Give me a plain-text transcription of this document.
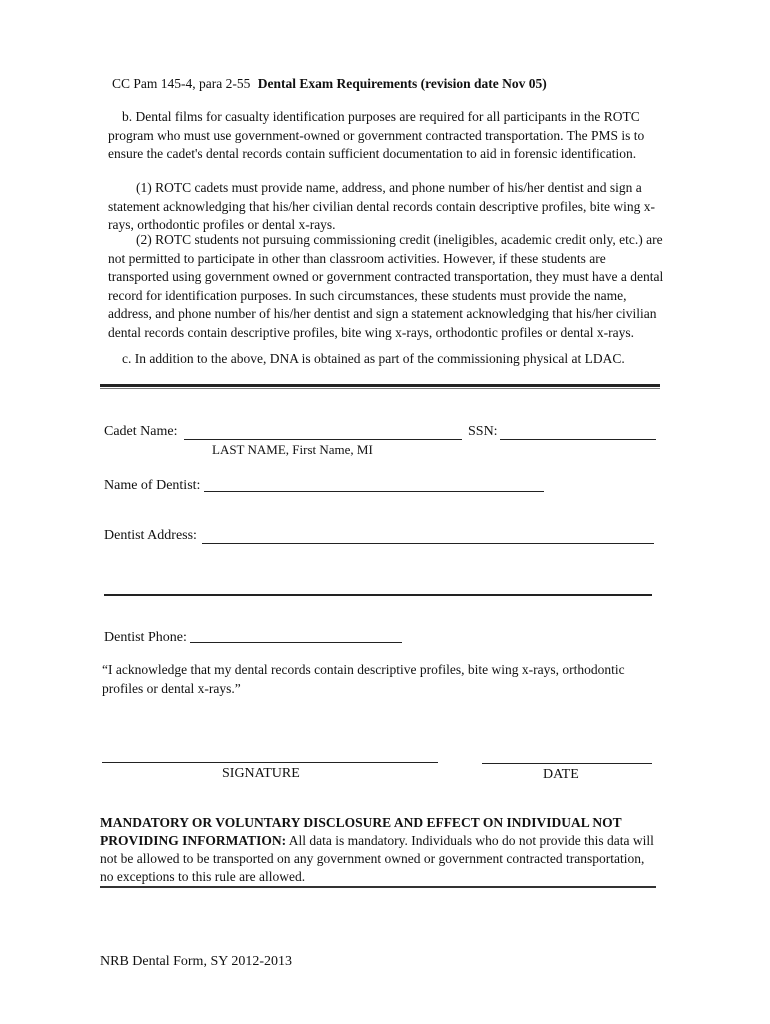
CC Pam 145-4, para 2-55 Dental Exam Requirements (revision date Nov 05)
b. Dental films for casualty identification purposes are required for all participants in the ROTC program who must use government-owned or government contracted transportation. The PMS is to ensure the cadet's dental records contain sufficient documentation to aid in forensic identification.
(1) ROTC cadets must provide name, address, and phone number of his/her dentist and sign a statement acknowledging that his/her civilian dental records contain descriptive profiles, bite wing x-rays, orthodontic profiles or dental x-rays.
(2) ROTC students not pursuing commissioning credit (ineligibles, academic credit only, etc.) are not permitted to participate in other than classroom activities. However, if these students are transported using government owned or government contracted transportation, they must have a dental record for identification purposes. In such circumstances, these students must provide the name, address, and phone number of his/her dentist and sign a statement acknowledging that his/her civilian dental records contain descriptive profiles, bite wing x-rays, orthodontic profiles or dental x-rays.
c. In addition to the above, DNA is obtained as part of the commissioning physical at LDAC.
Cadet Name:
LAST NAME, First Name, MI
SSN:
Name of Dentist:
Dentist Address:
Dentist Phone:
“I acknowledge that my dental records contain descriptive profiles, bite wing x-rays, orthodontic profiles or dental x-rays.”
SIGNATURE	DATE
MANDATORY OR VOLUNTARY DISCLOSURE AND EFFECT ON INDIVIDUAL NOT PROVIDING INFORMATION: All data is mandatory. Individuals who do not provide this data will not be allowed to be transported on any government owned or government contracted transportation, no exceptions to this rule are allowed.
NRB Dental Form, SY 2012-2013
